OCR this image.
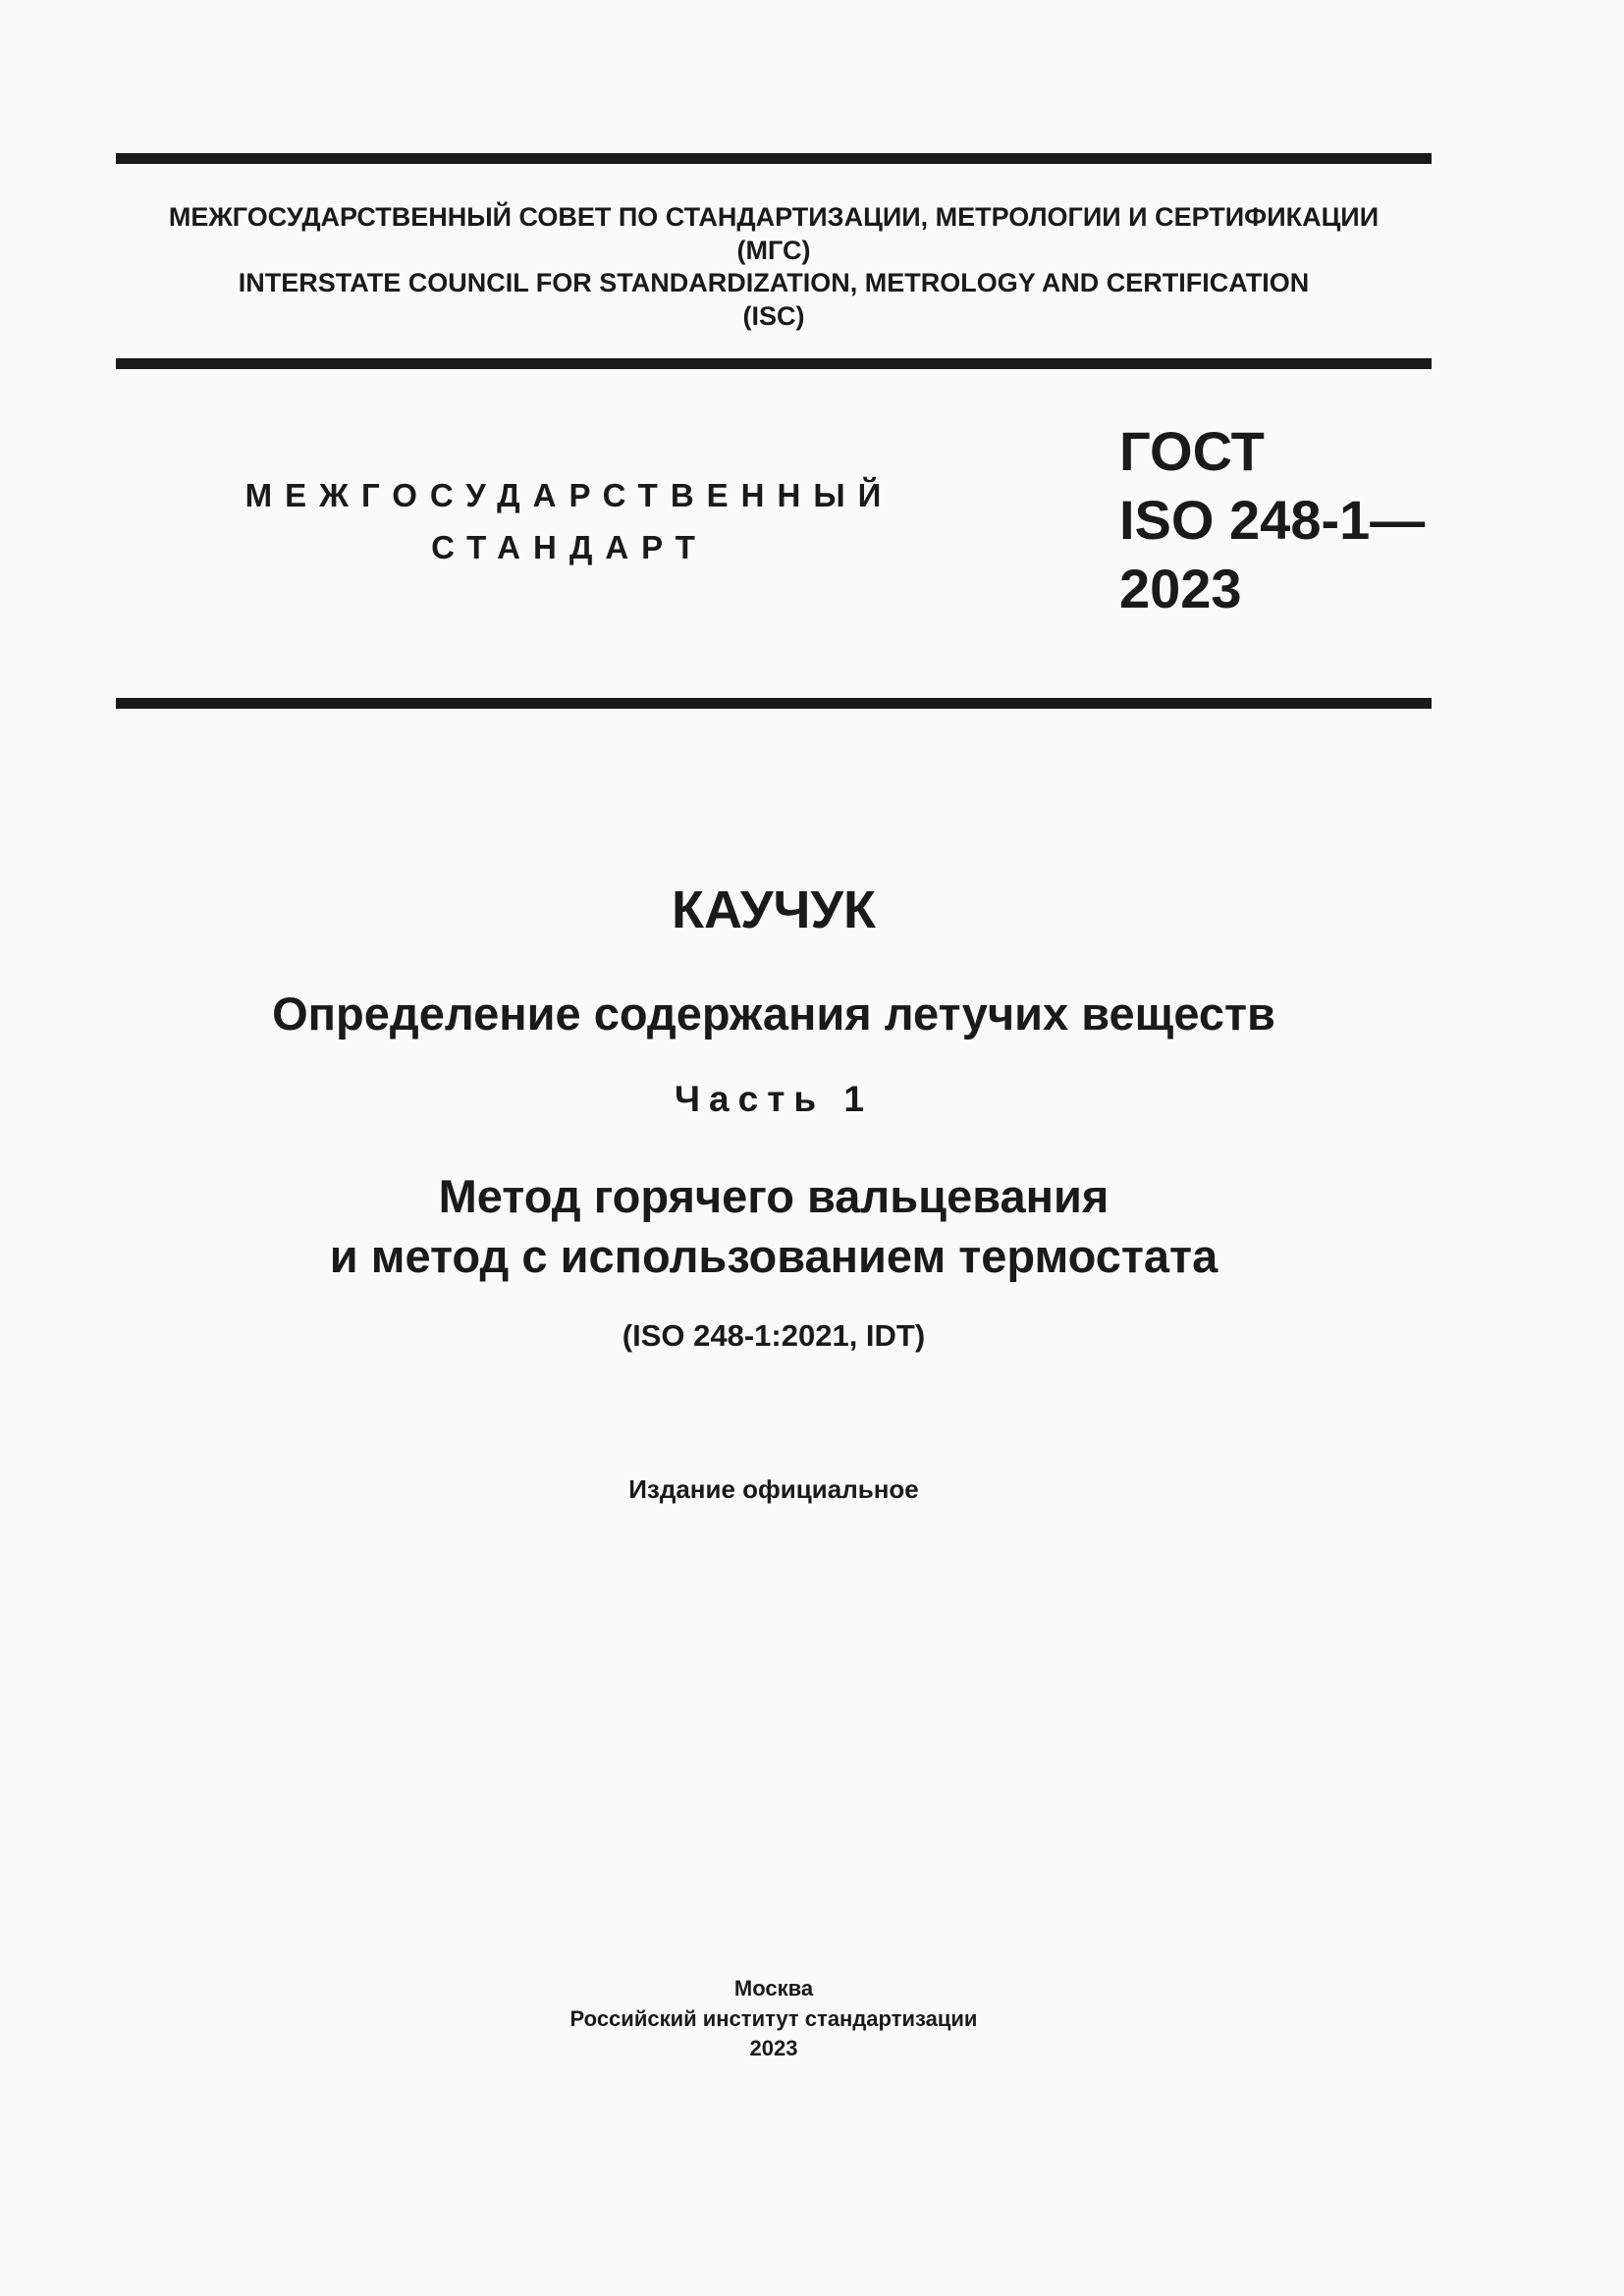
МЕЖГОСУДАРСТВЕННЫЙ СОВЕТ ПО СТАНДАРТИЗАЦИИ, МЕТРОЛОГИИ И СЕРТИФИКАЦИИ
(МГС)
INTERSTATE COUNCIL FOR STANDARDIZATION, METROLOGY AND CERTIFICATION
(ISC)
МЕЖГОСУДАРСТВЕННЫЙ
СТАНДАРТ
ГОСТ
ISO 248-1—
2023
КАУЧУК
Определение содержания летучих веществ
Часть 1
Метод горячего вальцевания
и метод с использованием термостата
(ISO 248-1:2021, IDT)
Издание официальное
Москва
Российский институт стандартизации
2023
